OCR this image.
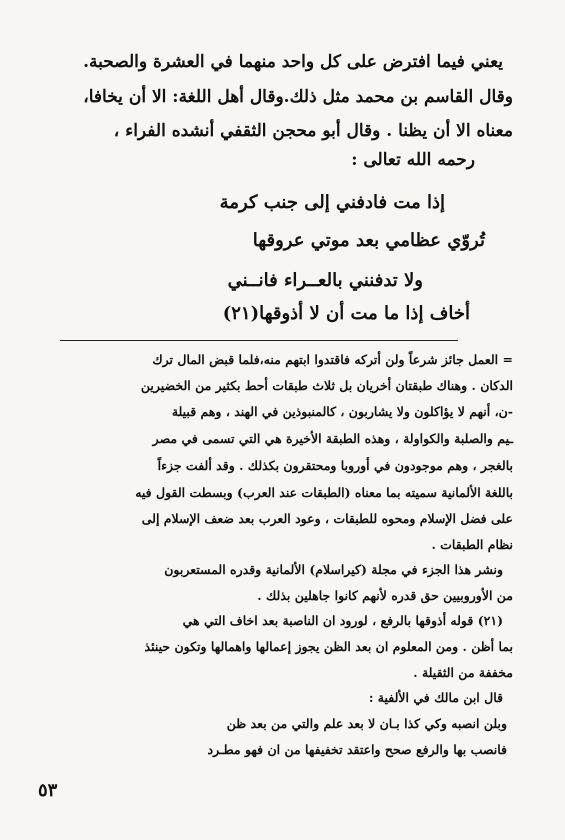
يعني فيما افترض على كل واحد منهما في العشرة والصحبة.
وقال القاسم بن محمد مثل ذلك.وقال أهل اللغة: الا أن يخافا،
معناه الا أن يظنا . وقال أبو محجن الثقفي أنشده الفراء ،
رحمه الله تعالى :
إذا مت فادفني إلى جنب كرمة
تُروّي عظامي بعد موتي عروقها
ولا تدفنني بالعــراء فانــني
أخاف إذا ما مت أن لا أذوقها(٢١)
= العمل جائز شرعاً ولن أتركه فاقتدوا ابتهم منه،فلما قبض المال ترك
الدكان . وهناك طبقتان أخريان بل ثلاث طبقات أحط بكثير من الخضيرين
-ن، أنهم لا يؤاكلون ولا يشاربون ، كالمنبوذين في الهند ، وهم قبيلة
ـيم والصلبة والكواولة ، وهذه الطبقة الأخيرة هي التي تسمى في مصر
بالغجر ، وهم موجودون في أوروبا ومحتقرون بكذلك . وقد ألفت جزءاً
باللغة الألمانية سميته بما معناه (الطبقات عند العرب) وبسطت القول فيه
على فضل الإسلام ومحوه للطبقات ، وعود العرب بعد ضعف الإسلام إلى
نظام الطبقات .
ونشر هذا الجزء في مجلة (كيراسلام) الألمانية وقدره المستعربون
من الأوروبيين حق قدره لأنهم كانوا جاهلين بذلك .
(٢١) قوله أذوقها بالرفع ، لورود ان الناصبة بعد اخاف التي هي
بما أظن . ومن المعلوم ان بعد الظن يجوز إعمالها واهمالها وتكون حينئذ
مخففة من الثقيلة .
قال ابن مالك في الألفية :
وبلن انصبه وكي كذا بـان لا بعد علم والتي من بعد ظن
فانصب بها والرفع صحح واعتقد تخفيفها من ان فهو مطـرد
٥٣
